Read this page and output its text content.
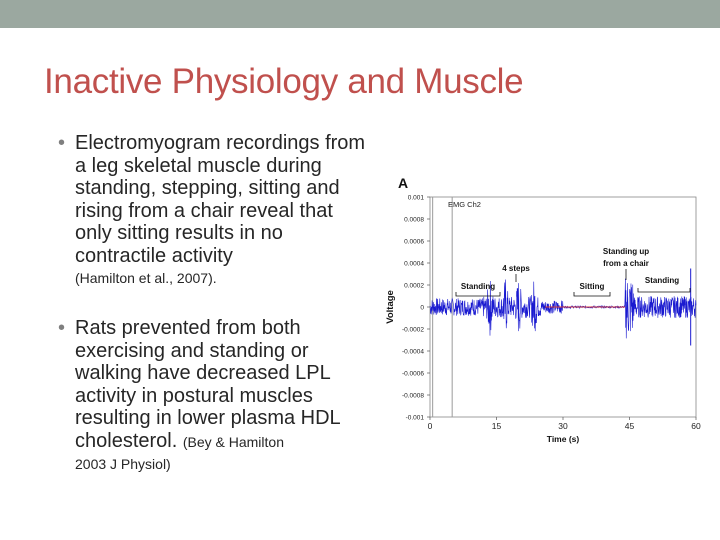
Inactive Physiology and Muscle
• Electromyogram recordings from a leg skeletal muscle during standing, stepping, sitting and rising from a chair reveal that only sitting results in no contractile activity
(Hamilton et al., 2007).
• Rats prevented from both exercising and standing or walking have decreased LPL activity in postural muscles resulting in lower plasma HDL cholesterol. (Bey & Hamilton
2003 J Physiol)
0.001
0.0008
0.0006
0.0004
0.0002
0
-0.0002
-0.0004
-0.0006
-0.0008
-0.001
0	15	30	45	60
A
EMG Ch2
Voltage
Time (s)
Standing
4 steps
Sitting
Standing up
from a chair
Standing
